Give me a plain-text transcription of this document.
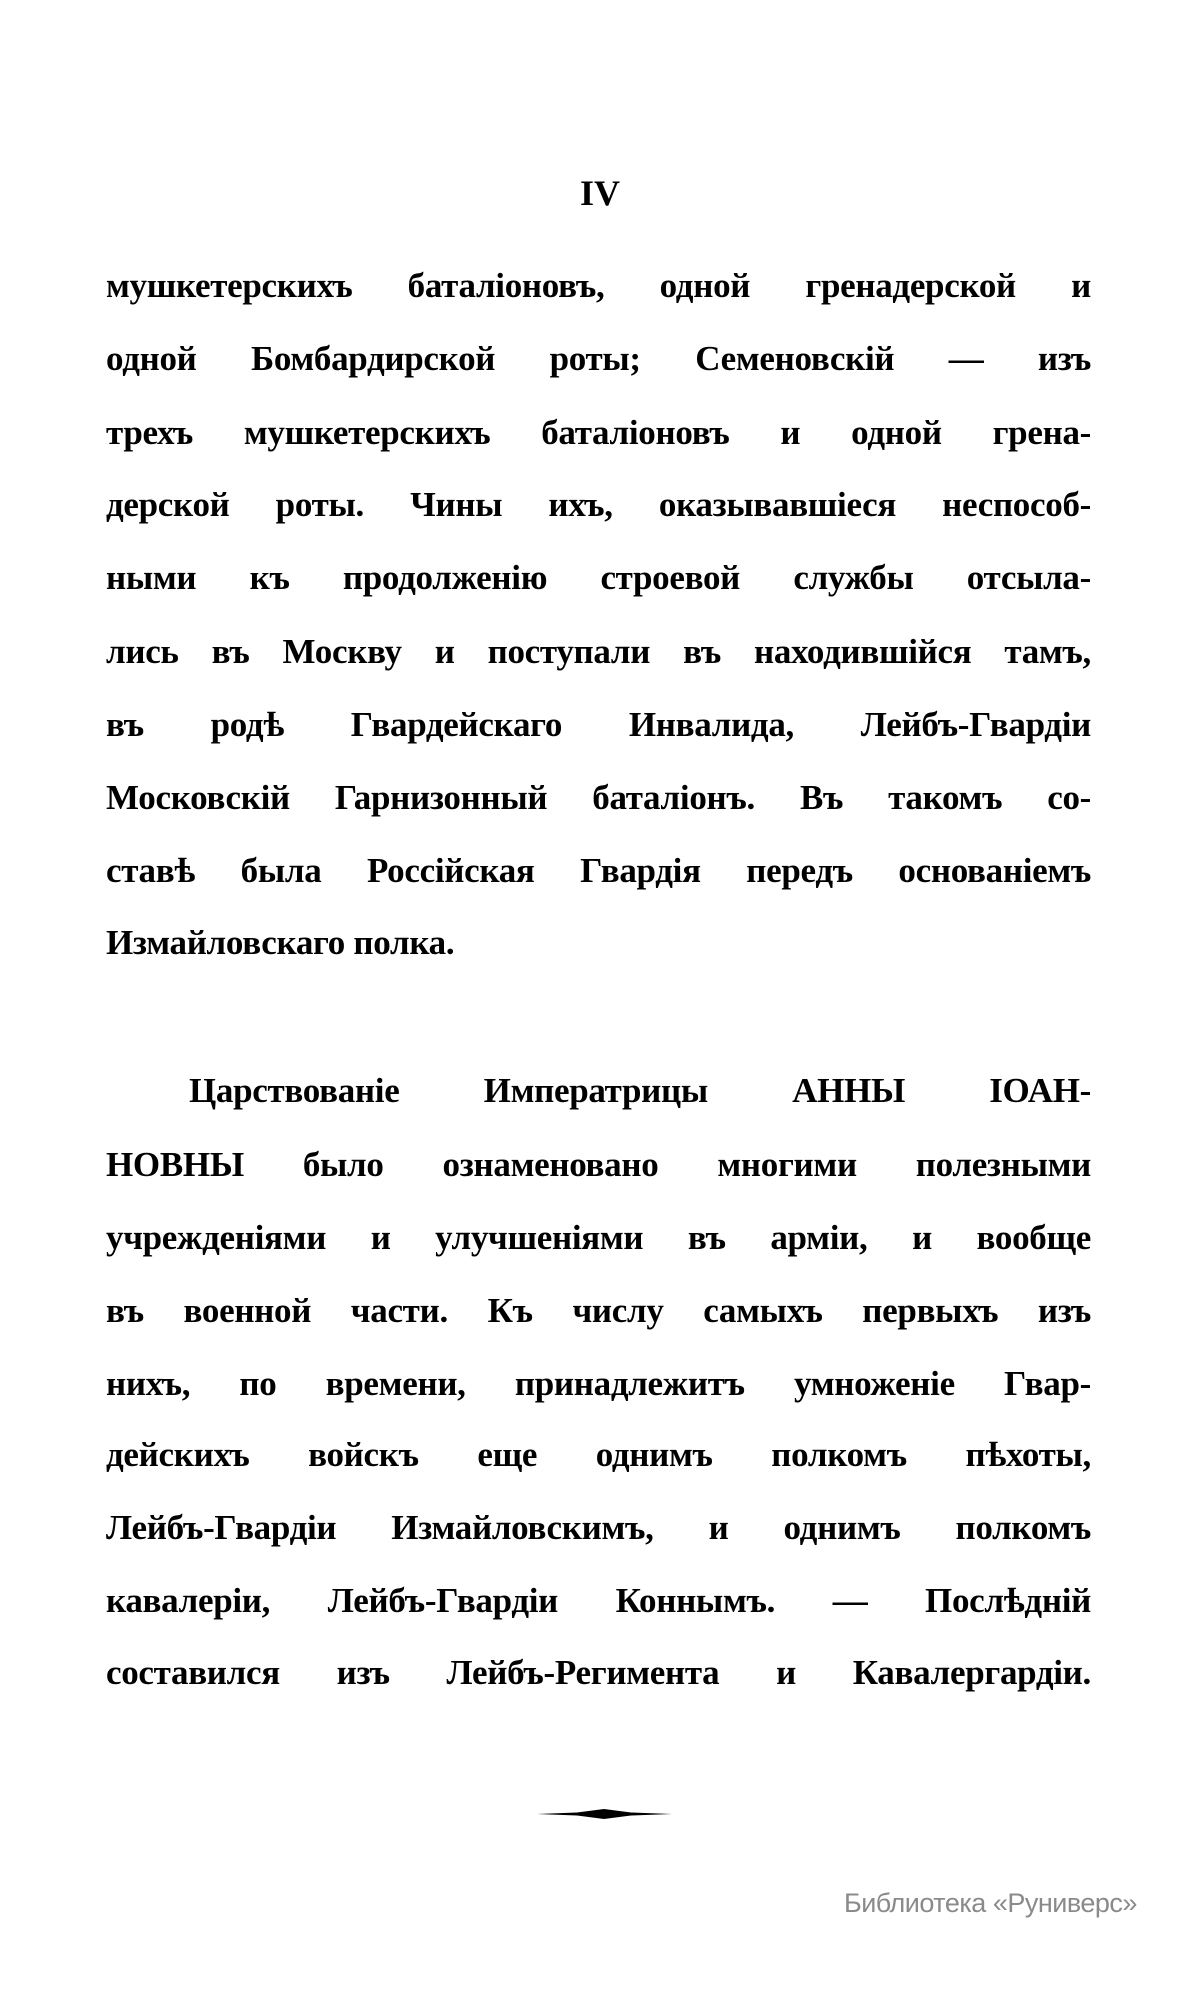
IV
мушкетерскихъ баталіоновъ, одной гренадерской и
одной Бомбардирской роты; Семеновскій — изъ
трехъ мушкетерскихъ баталіоновъ и одной грена-
дерской роты. Чины ихъ, оказывавшіеся неспособ-
ными къ продолженію строевой службы отсыла-
лись въ Москву и поступали въ находившійся тамъ,
въ родѣ Гвардейскаго Инвалида, Лейбъ-Гвардіи
Московскій Гарнизонный баталіонъ. Въ такомъ со-
ставѣ была Россійская Гвардія передъ основаніемъ
Измайловскаго полка.
Царствованіе Императрицы АННЫ ІОАН-
НОВНЫ было ознаменовано многими полезными
учрежденіями и улучшеніями въ арміи, и вообще
въ военной части. Къ числу самыхъ первыхъ изъ
нихъ, по времени, принадлежитъ умноженіе Гвар-
дейскихъ войскъ еще однимъ полкомъ пѣхоты,
Лейбъ-Гвардіи Измайловскимъ, и однимъ полкомъ
кавалеріи, Лейбъ-Гвардіи Коннымъ. — Послѣдній
составился изъ Лейбъ-Регимента и Кавалергардіи.
Библиотека «Руниверс»
